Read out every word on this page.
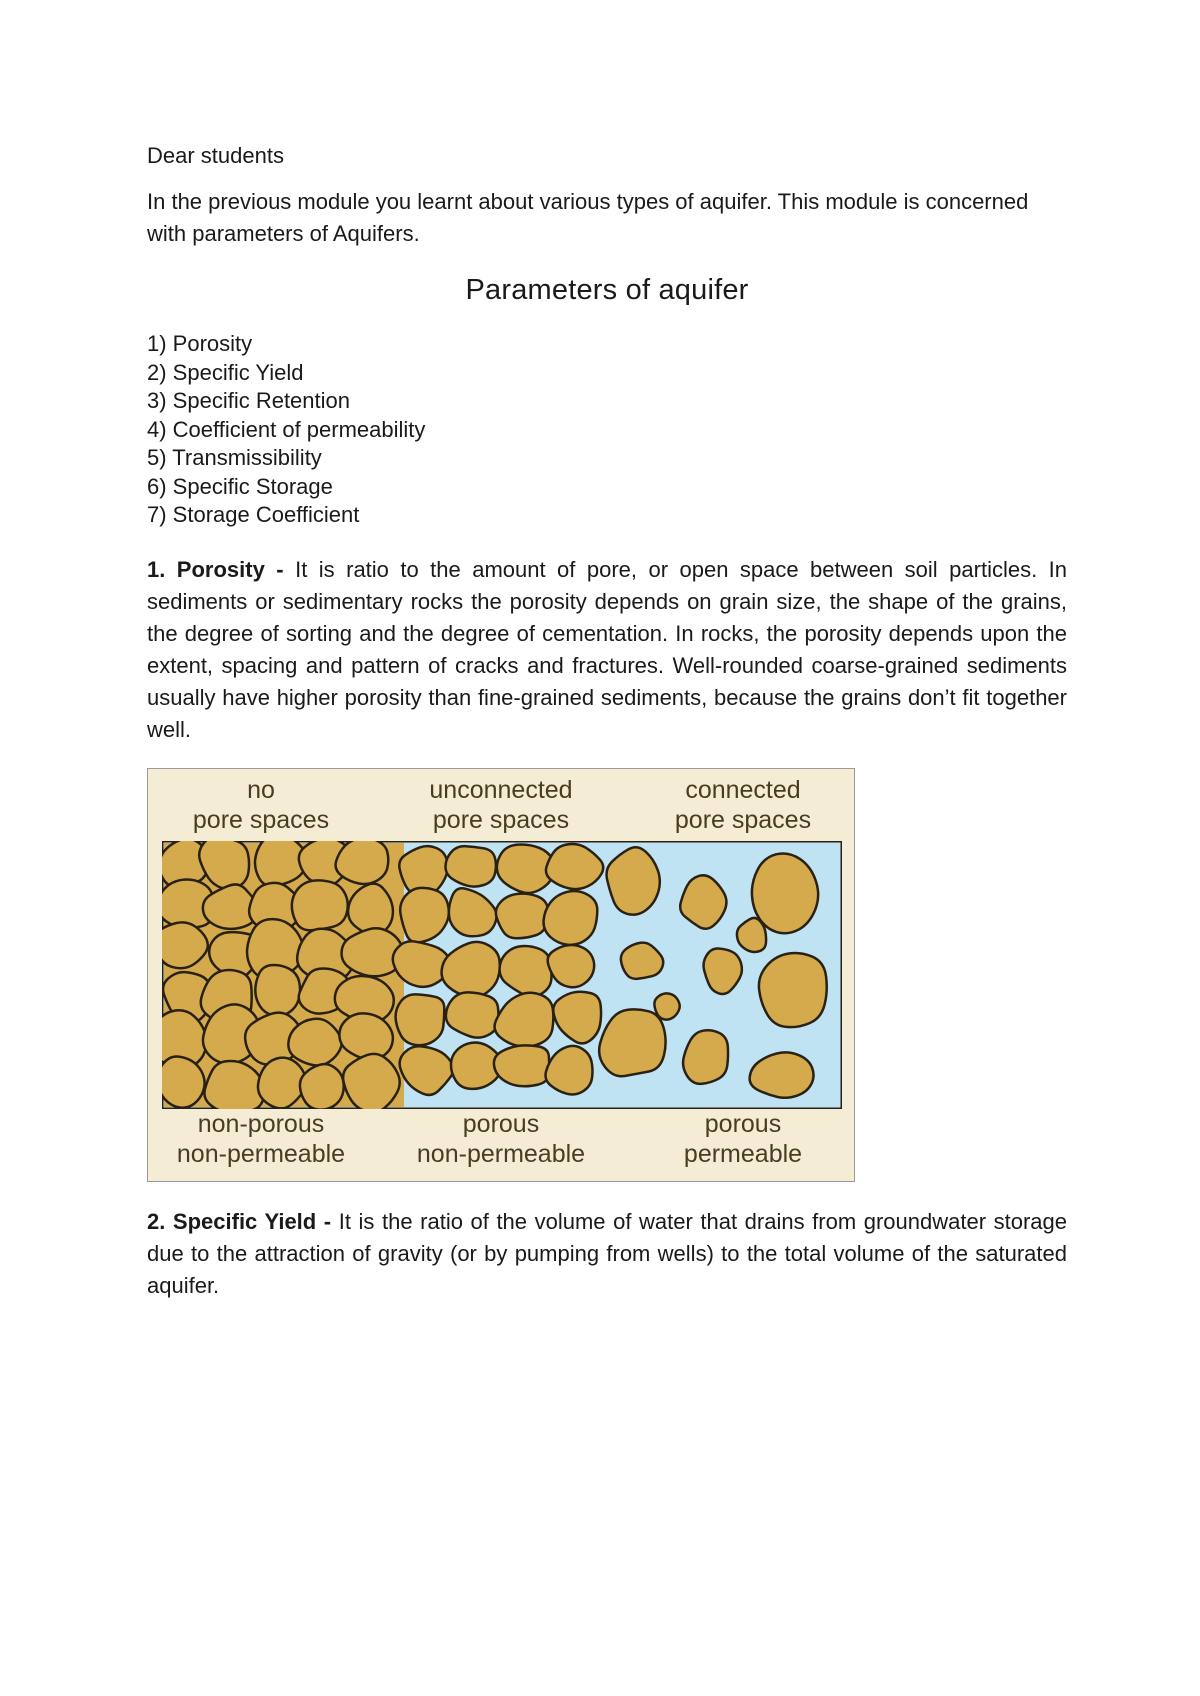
Dear students

In the previous module you learnt about various types of aquifer. This module is concerned with parameters of Aquifers.

Parameters of aquifer
1) Porosity
2) Specific Yield
3) Specific Retention
4) Coefficient of permeability
5) Transmissibility
6) Specific Storage
7) Storage Coefficient

1. Porosity - It is ratio to the amount of pore, or open space between soil particles. In sediments or sedimentary rocks the porosity depends on grain size, the shape of the grains, the degree of sorting and the degree of cementation. In rocks, the porosity depends upon the extent, spacing and pattern of cracks and fractures. Well-rounded coarse-grained sediments usually have higher porosity than fine-grained sediments, because the grains don’t fit together well.

no
pore spaces
unconnected
pore spaces
connected
pore spaces
non-porous
non-permeable
porous
non-permeable
porous
permeable

2. Specific Yield - It is the ratio of the volume of water that drains from groundwater storage due to the attraction of gravity (or by pumping from wells) to the total volume of the saturated aquifer.
